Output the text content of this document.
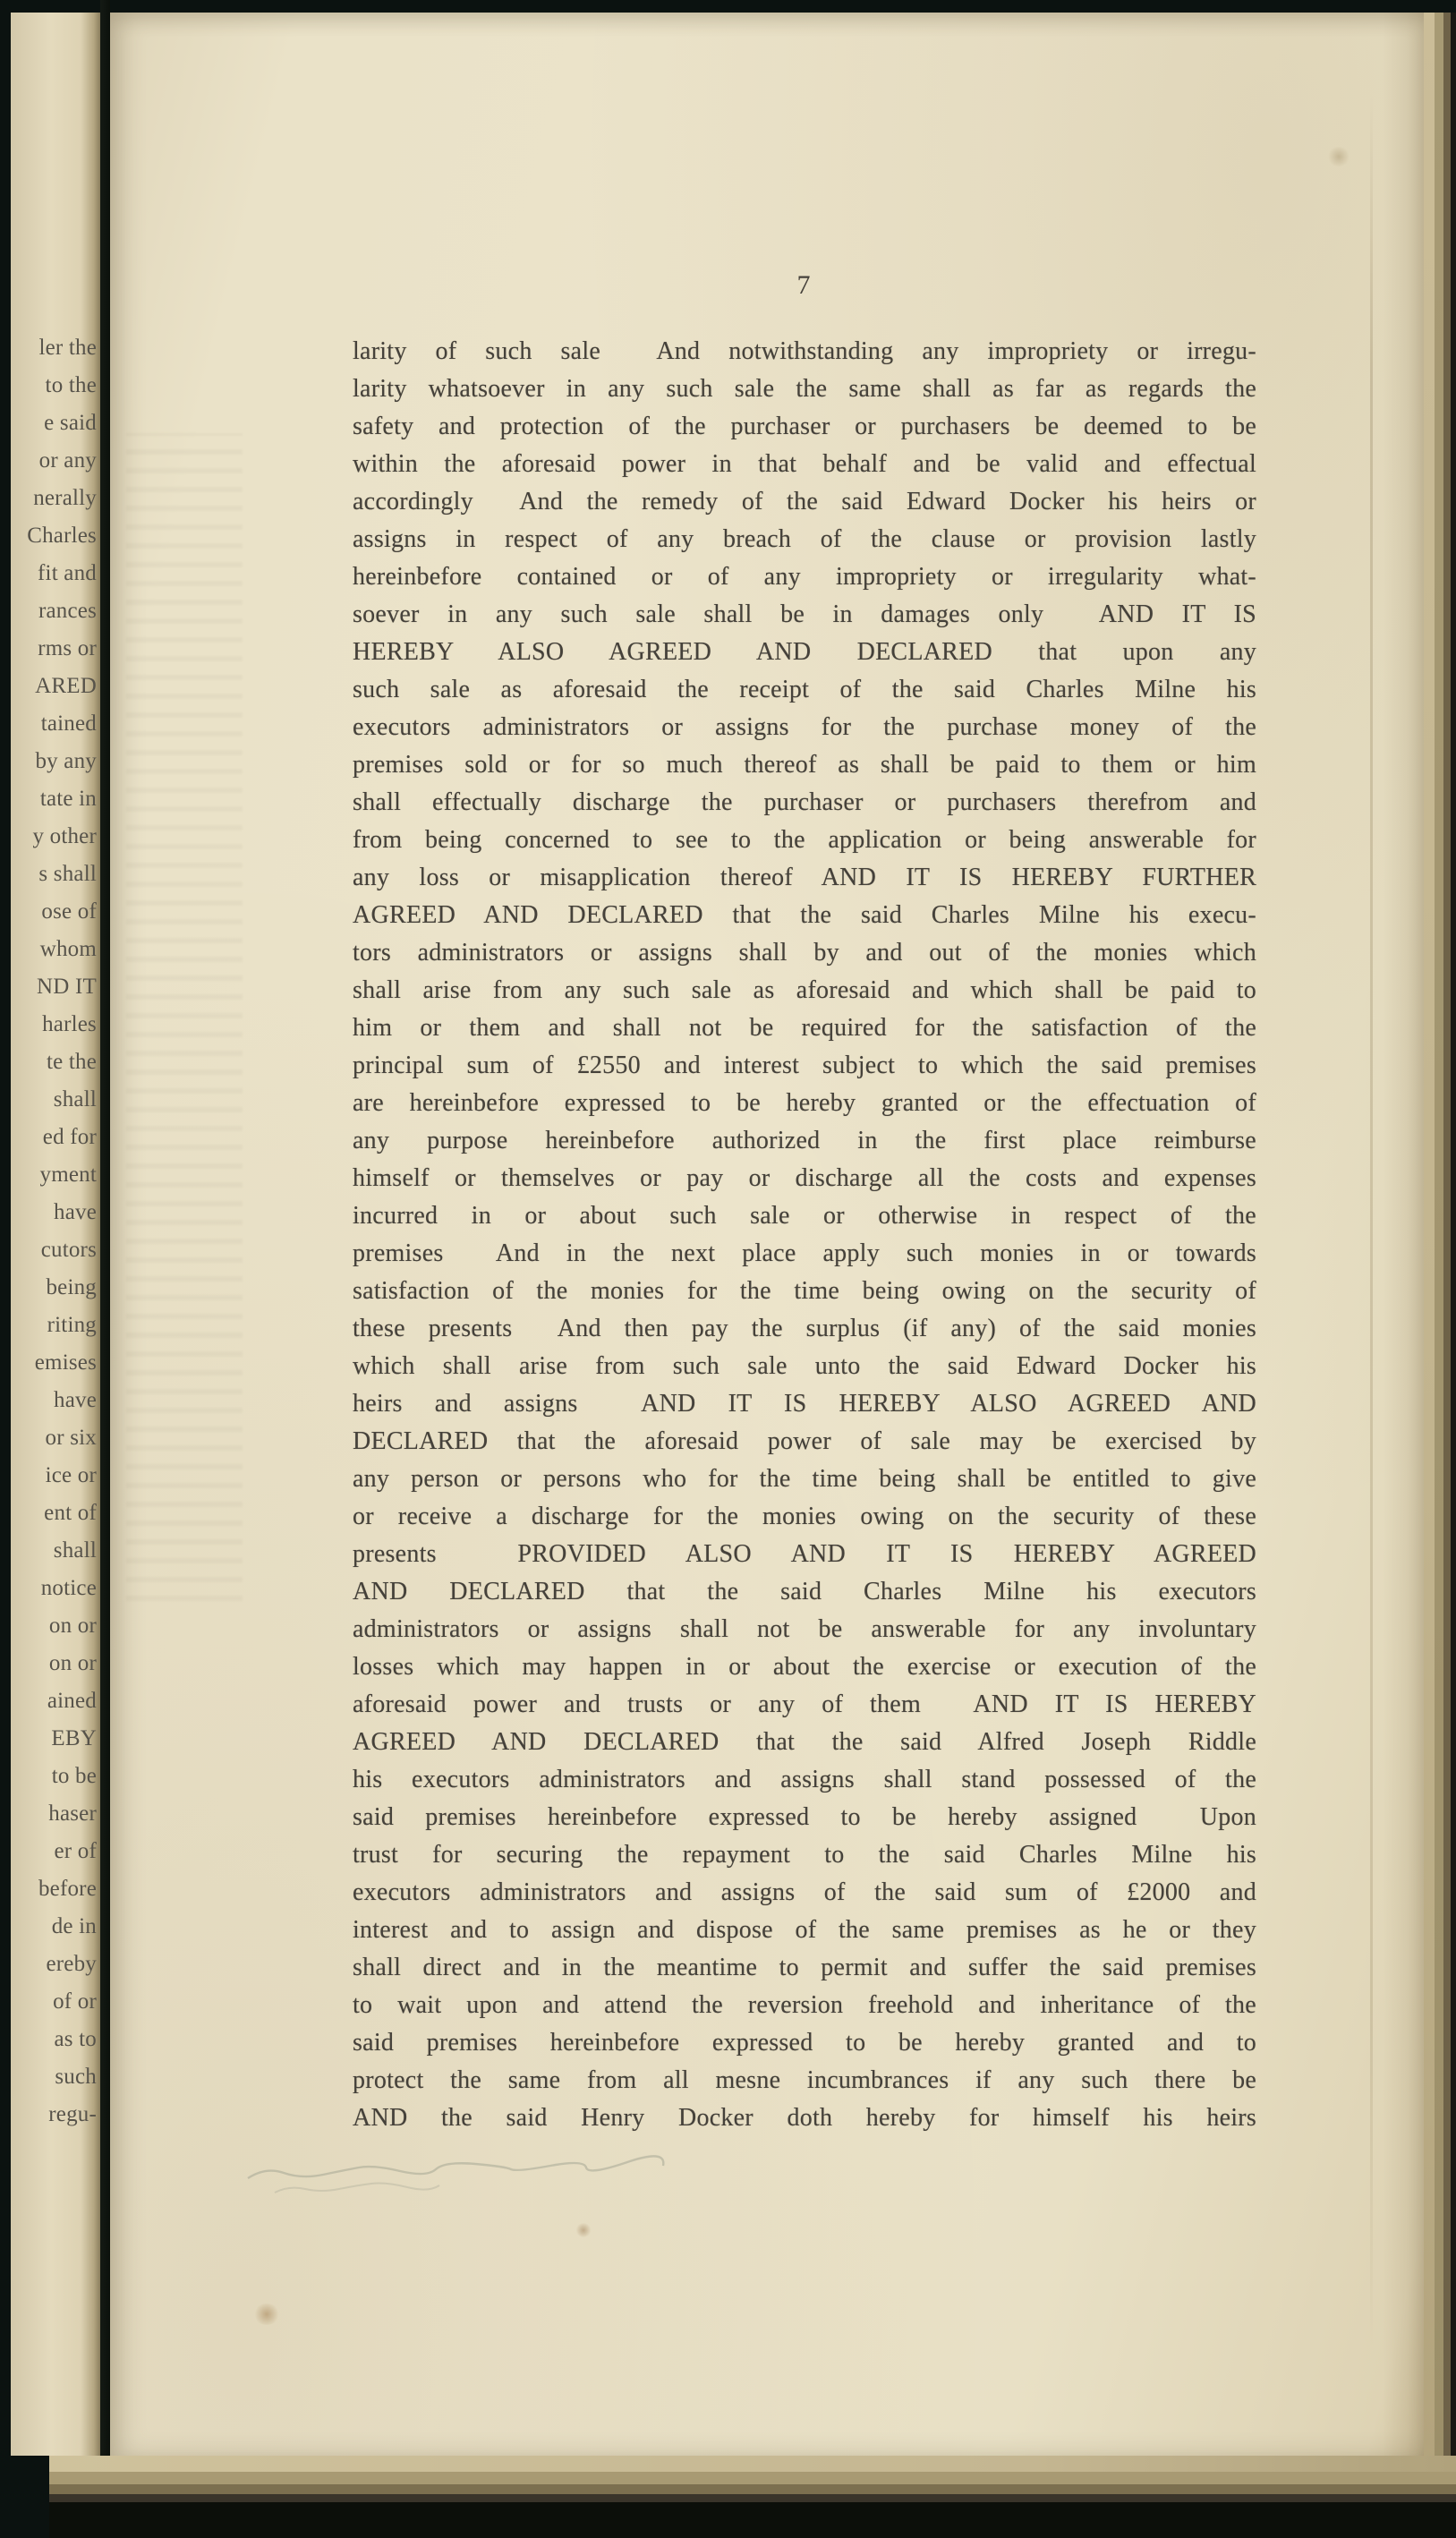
ler the
to the
e said
or any
nerally
Charles
fit and
rances
rms or
ARED
tained
by any
tate in
y other
s shall
ose of
whom
ND IT
harles
te the
shall
ed for
yment
have
cutors
being
riting
emises
have
or six
ice or
ent of
shall
notice
on or
on or
ained
EBY
to be
haser
er of
before
de in
ereby
of or
as to
such
regu-
7
larity of such sale  And notwithstanding any impropriety or irregu-
larity whatsoever in any such sale the same shall as far as regards the
safety and protection of the purchaser or purchasers be deemed to be
within the aforesaid power in that behalf and be valid and effectual
accordingly  And the remedy of the said Edward Docker his heirs or
assigns in respect of any breach of the clause or provision lastly
hereinbefore contained or of any impropriety or irregularity what-
soever in any such sale shall be in damages only  AND IT IS
HEREBY ALSO AGREED AND DECLARED that upon any
such sale as aforesaid the receipt of the said Charles Milne his
executors administrators or assigns for the purchase money of the
premises sold or for so much thereof as shall be paid to them or him
shall effectually discharge the purchaser or purchasers therefrom and
from being concerned to see to the application or being answerable for
any loss or misapplication thereof AND IT IS HEREBY FURTHER
AGREED AND DECLARED that the said Charles Milne his execu-
tors administrators or assigns shall by and out of the monies which
shall arise from any such sale as aforesaid and which shall be paid to
him or them and shall not be required for the satisfaction of the
principal sum of £2550 and interest subject to which the said premises
are hereinbefore expressed to be hereby granted or the effectuation of
any purpose hereinbefore authorized in the first place reimburse
himself or themselves or pay or discharge all the costs and expenses
incurred in or about such sale or otherwise in respect of the
premises  And in the next place apply such monies in or towards
satisfaction of the monies for the time being owing on the security of
these presents  And then pay the surplus (if any) of the said monies
which shall arise from such sale unto the said Edward Docker his
heirs and assigns  AND IT IS HEREBY ALSO AGREED AND
DECLARED that the aforesaid power of sale may be exercised by
any person or persons who for the time being shall be entitled to give
or receive a discharge for the monies owing on the security of these
presents  PROVIDED ALSO AND IT IS HEREBY AGREED
AND DECLARED that the said Charles Milne his executors
administrators or assigns shall not be answerable for any involuntary
losses which may happen in or about the exercise or execution of the
aforesaid power and trusts or any of them  AND IT IS HEREBY
AGREED AND DECLARED that the said Alfred Joseph Riddle
his executors administrators and assigns shall stand possessed of the
said premises hereinbefore expressed to be hereby assigned  Upon
trust for securing the repayment to the said Charles Milne his
executors administrators and assigns of the said sum of £2000 and
interest and to assign and dispose of the same premises as he or they
shall direct and in the meantime to permit and suffer the said premises
to wait upon and attend the reversion freehold and inheritance of the
said premises hereinbefore expressed to be hereby granted and to
protect the same from all mesne incumbrances if any such there be
AND the said Henry Docker doth hereby for himself his heirs
